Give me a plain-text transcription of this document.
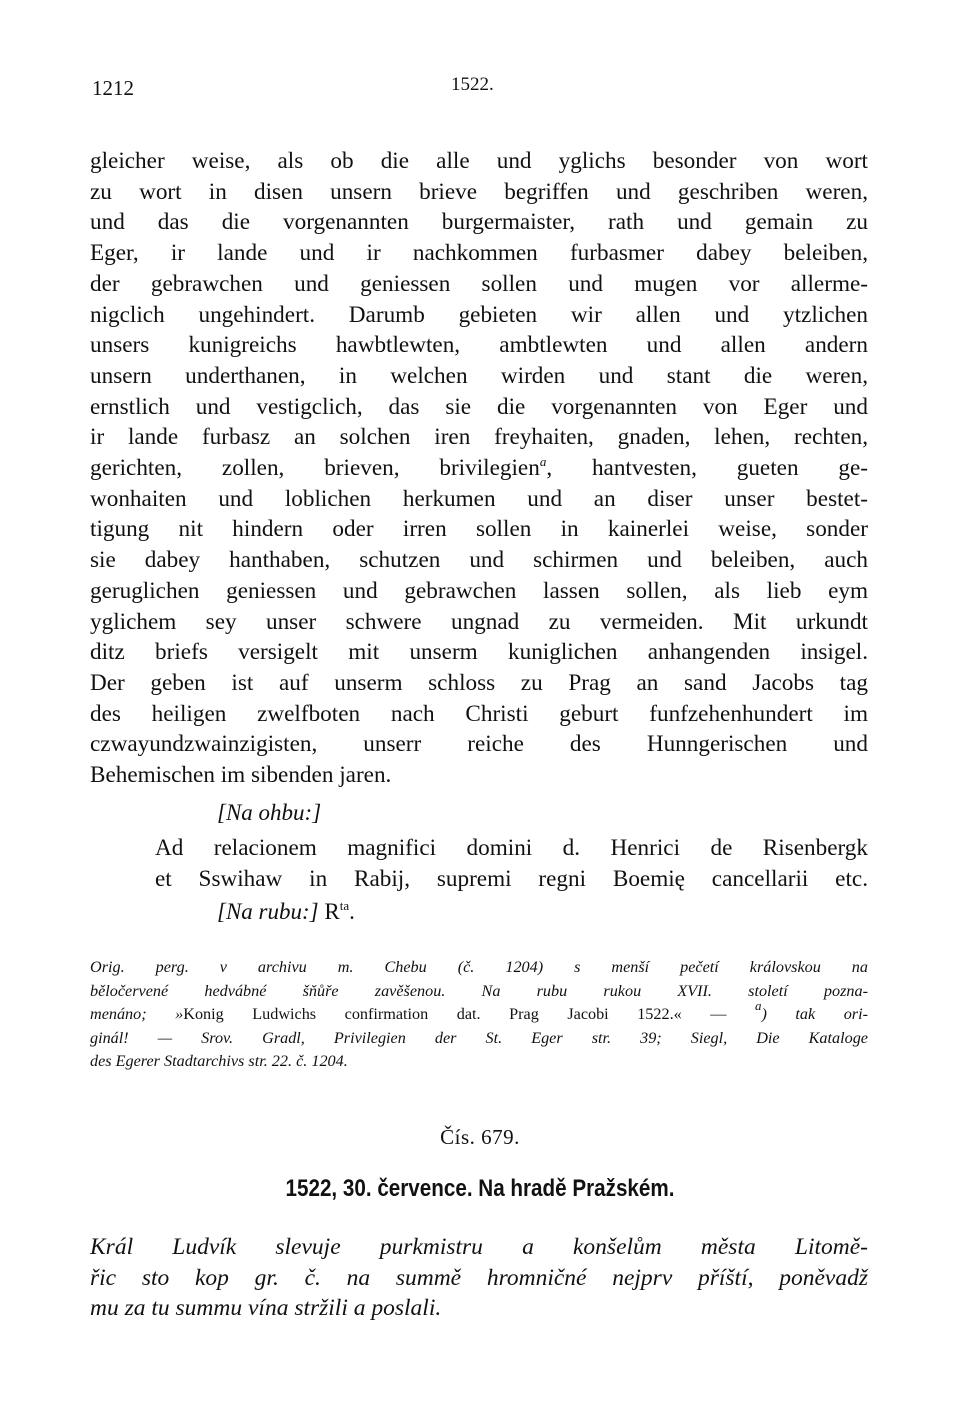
1212	1522.
gleicher weise, als ob die alle und yglichs besonder von wort
zu wort in disen unsern brieve begriffen und geschriben weren,
und das die vorgenannten burgermaister, rath und gemain zu
Eger, ir lande und ir nachkommen furbasmer dabey beleiben,
der gebrawchen und geniessen sollen und mugen vor allerme-
nigclich ungehindert. Darumb gebieten wir allen und ytzlichen
unsers kunigreichs hawbtlewten, ambtlewten und allen andern
unsern underthanen, in welchen wirden und stant die weren,
ernstlich und vestigclich, das sie die vorgenannten von Eger und
ir lande furbasz an solchen iren freyhaiten, gnaden, lehen, rechten,
gerichten, zollen, brieven, brivilegien$^a$, hantvesten, gueten ge-
wonhaiten und loblichen herkumen und an diser unser bestet-
tigung nit hindern oder irren sollen in kainerlei weise, sonder
sie dabey hanthaben, schutzen und schirmen und beleiben, auch
geruglichen geniessen und gebrawchen lassen sollen, als lieb eym
yglichem sey unser schwere ungnad zu vermeiden. Mit urkundt
ditz briefs versigelt mit unserm kuniglichen anhangenden insigel.
Der geben ist auf unserm schloss zu Prag an sand Jacobs tag
des heiligen zwelfboten nach Christi geburt funfzehenhundert im
czwayundzwainzigisten, unserr reiche des Hunngerischen und
Behemischen im sibenden jaren.
[Na ohbu:]
Ad relacionem magnifici domini d. Henrici de Risenbergk
et Sswihaw in Rabij, supremi regni Boemię cancellarii etc.
[Na rubu:] $R^{ta}$.
Orig. perg. v archivu m. Chebu (č. 1204) s menší pečetí královskou na
běločervené hedvábné šňůře zavěšenou. Na rubu rukou XVII. století pozna-
menáno; »Konig Ludwichs confirmation dat. Prag Jacobi 1522.« — $^a$) tak ori-
ginál! — Srov. Gradl, Privilegien der St. Eger str. 39; Siegl, Die Kataloge
des Egerer Stadtarchivs str. 22. č. 1204.
Čís. 679.
1522, 30. července. Na hradě Pražském.
Král Ludvík slevuje purkmistru a konšelům města Litomě-
řic sto kop gr. č. na summě hromničné nejprv příští, poněvadž
mu za tu summu vína stržili a poslali.
